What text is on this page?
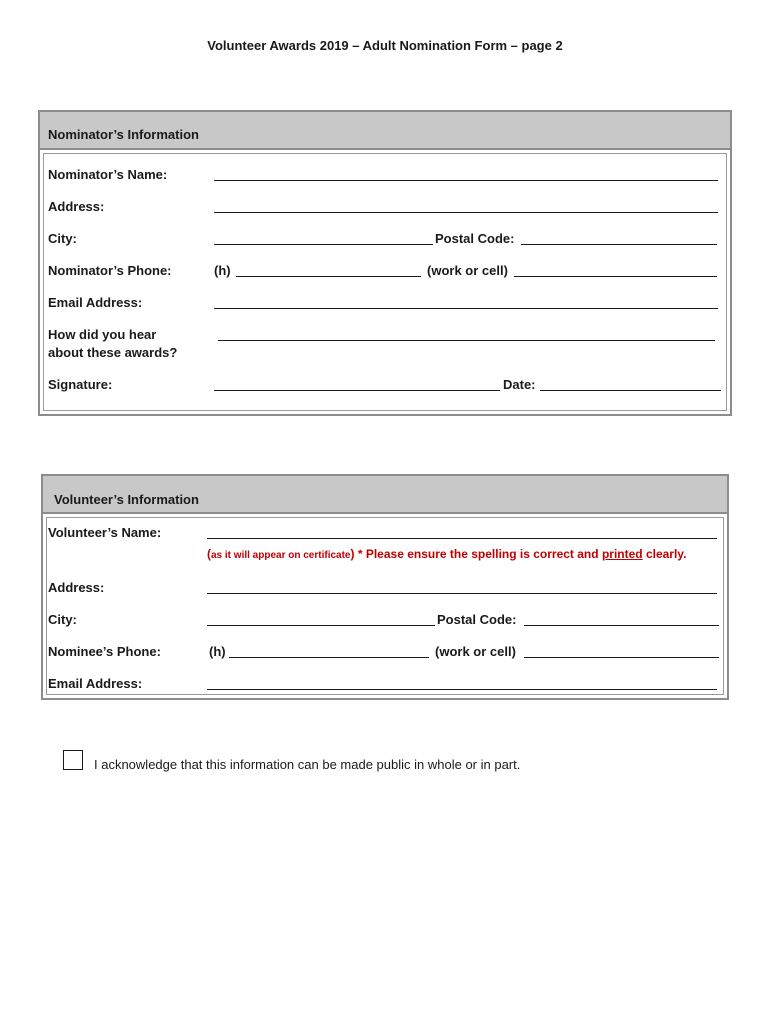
Volunteer Awards 2019 – Adult Nomination Form – page 2
Nominator’s Information
Nominator’s Name:
Address:
City:	Postal Code:
Nominator’s Phone:	(h)	(work or cell)
Email Address:
How did you hear
about these awards?
Signature:	Date:
Volunteer’s Information
Volunteer’s Name:
(as it will appear on certificate) * Please ensure the spelling is correct and printed clearly.
Address:
City:	Postal Code:
Nominee’s Phone:	(h)	(work or cell)
Email Address:
I acknowledge that this information can be made public in whole or in part.
